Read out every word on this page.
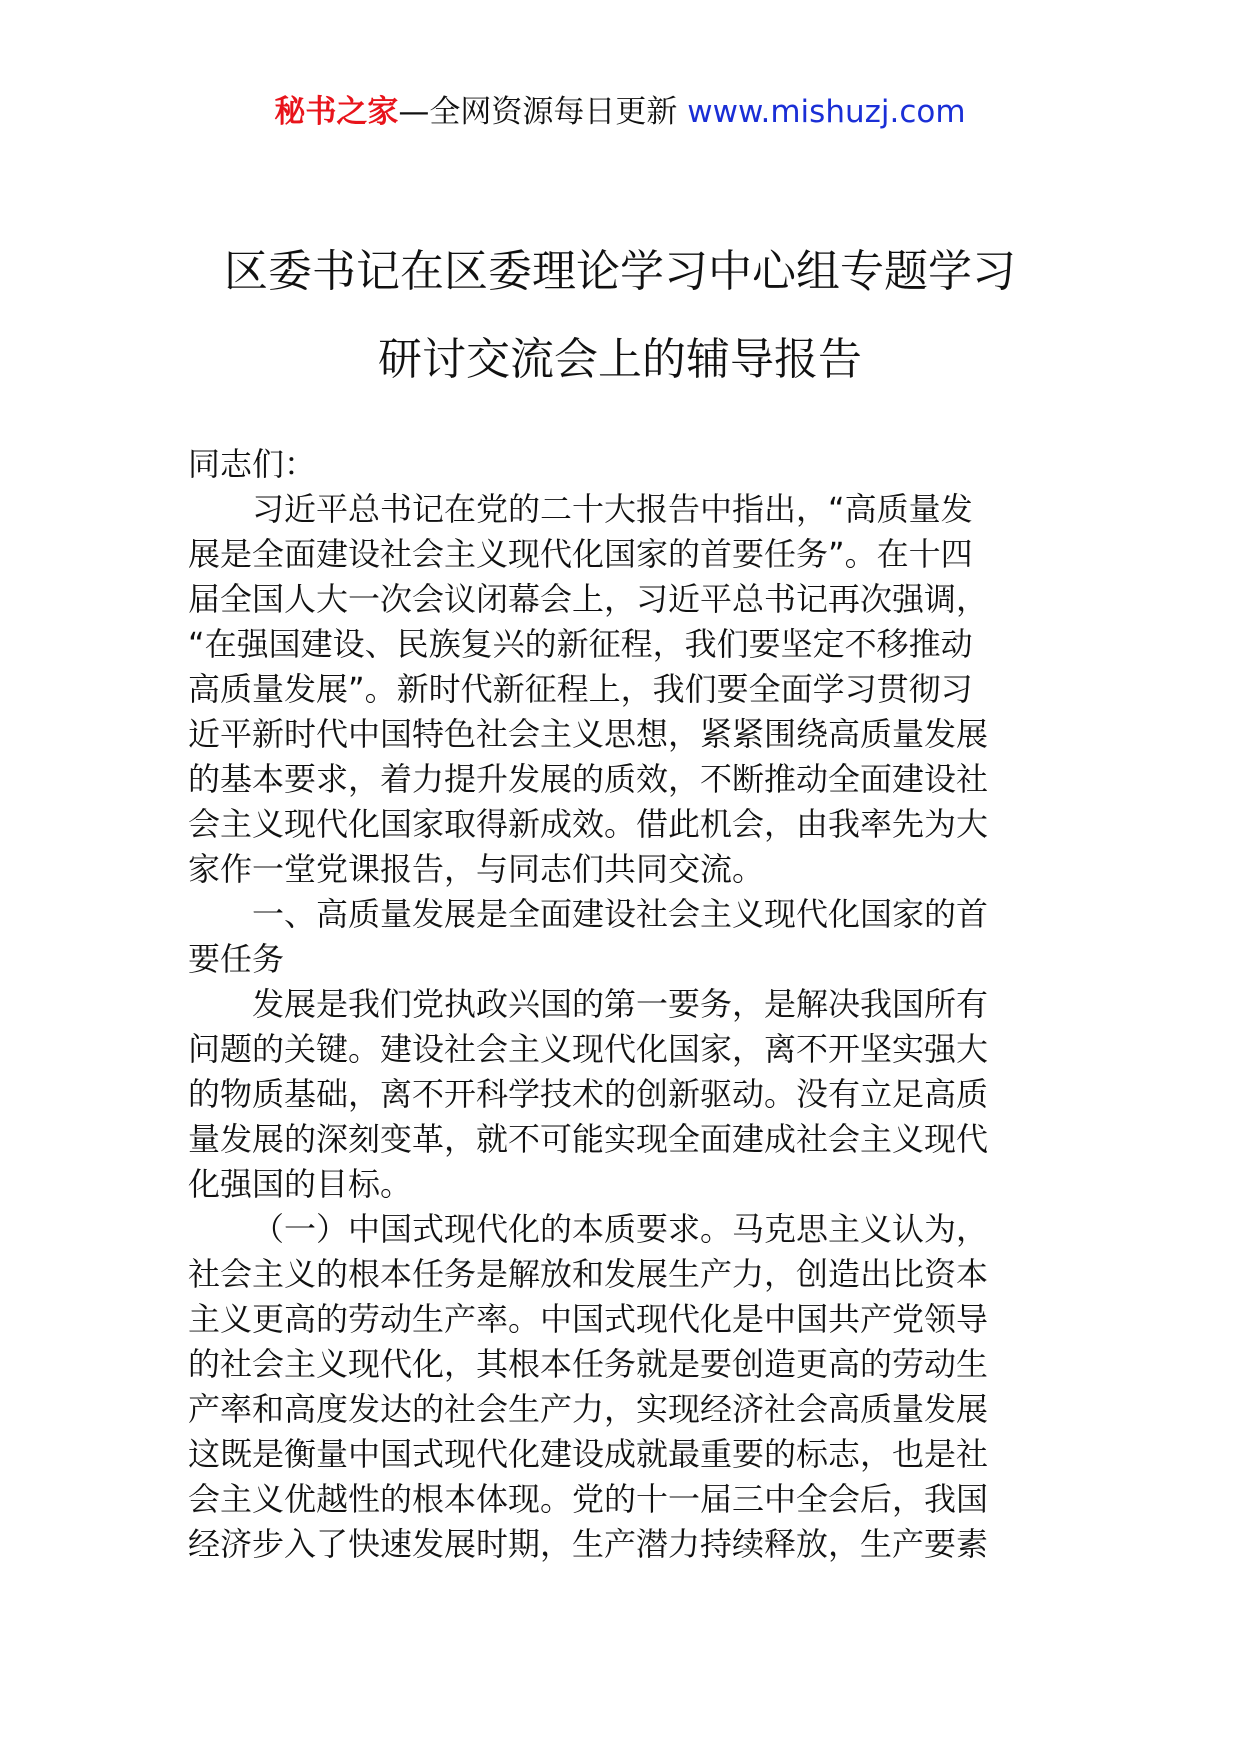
秘书之家—全网资源每日更新 www.mishuzj.com
区委书记在区委理论学习中心组专题学习
研讨交流会上的辅导报告
同志们：
习近平总书记在党的二十大报告中指出，“高质量发
展是全面建设社会主义现代化国家的首要任务”。在十四
届全国人大一次会议闭幕会上，习近平总书记再次强调，
“在强国建设、民族复兴的新征程，我们要坚定不移推动
高质量发展”。新时代新征程上，我们要全面学习贯彻习
近平新时代中国特色社会主义思想，紧紧围绕高质量发展
的基本要求，着力提升发展的质效，不断推动全面建设社
会主义现代化国家取得新成效。借此机会，由我率先为大
家作一堂党课报告，与同志们共同交流。
一、高质量发展是全面建设社会主义现代化国家的首
要任务
发展是我们党执政兴国的第一要务，是解决我国所有
问题的关键。建设社会主义现代化国家，离不开坚实强大
的物质基础，离不开科学技术的创新驱动。没有立足高质
量发展的深刻变革，就不可能实现全面建成社会主义现代
化强国的目标。
（一）中国式现代化的本质要求。马克思主义认为，
社会主义的根本任务是解放和发展生产力，创造出比资本
主义更高的劳动生产率。中国式现代化是中国共产党领导
的社会主义现代化，其根本任务就是要创造更高的劳动生
产率和高度发达的社会生产力，实现经济社会高质量发展
这既是衡量中国式现代化建设成就最重要的标志，也是社
会主义优越性的根本体现。党的十一届三中全会后，我国
经济步入了快速发展时期，生产潜力持续释放，生产要素
